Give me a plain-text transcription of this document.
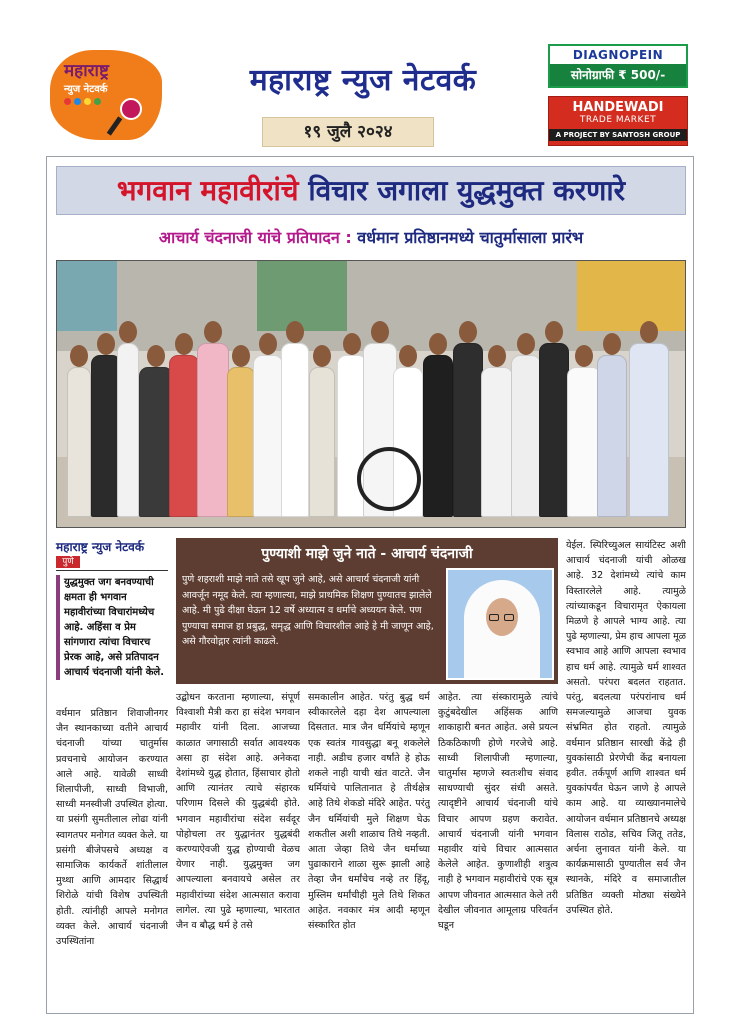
महाराष्ट्र
न्युज नेटवर्क	महाराष्ट्र न्युज नेटवर्क
१९ जुलै २०२४
DIAGNOPEIN
सोनोग्राफी ₹ 500/-
HANDEWADI
TRADE MARKET
A PROJECT BY SANTOSH GROUP
भगवान महावीरांचे विचार जगाला युद्धमुक्त करणारे
आचार्य चंदनाजी यांचे प्रतिपादन : वर्धमान प्रतिष्ठानमध्ये चातुर्मासाला प्रारंभ
महाराष्ट्र न्युज नेटवर्क
पुणे
युद्धमुक्त जग बनवण्याची क्षमता ही भगवान महावीरांच्या विचारांमध्येच आहे. अहिंसा व प्रेम सांगणारा त्यांचा विचारच प्रेरक आहे, असे प्रतिपादन आचार्य चंदनाजी यांनी केले.
वर्धमान प्रतिष्ठान शिवाजीनगर जैन स्थानकाच्या वतीने आचार्य चंदनाजी यांच्या चातुर्मास प्रवचनाचे आयोजन करण्यात आले आहे. यावेळी साध्वी शिलापीजी, साध्वी विभाजी, साध्वी मनस्वीजी उपस्थित होत्या. या प्रसंगी सुमतीलाल लोढा यांनी स्वागतपर मनोगत व्यक्त केले. या प्रसंगी बीजेपसचे अध्यक्ष व सामाजिक कार्यकर्ते शांतीलाल मुथ्था आणि आमदार सिद्धार्थ शिरोळे यांची विशेष उपस्थिती होती. त्यांनीही आपले मनोगत व्यक्त केले. आचार्य चंदनाजी उपस्थितांना
पुण्याशी माझे जुने नाते - आचार्य चंदनाजी
पुणे शहराशी माझे नाते तसे खूप जुने आहे, असे आचार्य चंदनाजी यांनी आवर्जून नमूद केले. त्या म्हणाल्या, माझे प्राथमिक शिक्षण पुण्यातच झालेले आहे. मी पुढे दीक्षा घेऊन 12 वर्षे अध्यात्म व धर्माचे अध्ययन केले. पण पुण्याचा समाज हा प्रबुद्ध, समृद्ध आणि विचारशील आहे हे मी जाणून आहे, असे गौरवोद्गार त्यांनी काढले.
उद्बोधन करताना म्हणाल्या, संपूर्ण विश्वाशी मैत्री करा हा संदेश भगवान महावीर यांनी दिला. आजच्या काळात जगासाठी सर्वात आवश्यक असा हा संदेश आहे. अनेकदा देशांमध्ये युद्ध होतात, हिंसाचार होतो आणि त्यानंतर त्याचे संहारक परिणाम दिसले की युद्धबंदी होते. भगवान महावीरांचा संदेश सर्वदूर पोहोचला तर युद्धानंतर युद्धबंदी करण्याऐवजी युद्ध होण्याची वेळच येणार नाही. युद्धमुक्त जग आपल्याला बनवायचे असेल तर महावीरांच्या संदेश आत्मसात करावा लागेल. त्या पुढे म्हणाल्या, भारतात जैन व बौद्ध धर्म हे तसे
समकालीन आहेत. परंतु बुद्ध धर्म स्वीकारलेले दहा देश आपल्याला दिसतात. मात्र जैन धर्मियांचे म्हणून एक स्वतंत्र गावसुद्धा बनू शकलेले नाही. अडीच हजार वर्षांते हे होऊ शकले नाही याची खंत वाटते. जैन धर्मियांचे पालितानात हे तीर्थक्षेत्र आहे तिथे शेकडो मंदिरे आहेत. परंतु जैन धर्मियांची मुले शिक्षण घेऊ शकतील अशी शाळाच तिथे नव्हती. आता जेव्हा तिथे जैन धर्माच्या पुढाकाराने शाळा सुरू झाली आहे तेव्हा जैन धर्मांचेच नव्हे तर हिंदू, मुस्लिम धर्मांचीही मुले तिथे शिकत आहेत. नवकार मंत्र आदी म्हणून संस्कारित होत
आहेत. त्या संस्कारामुळे त्यांचे कुटुंबदेखील अहिंसक आणि शाकाहारी बनत आहेत. असे प्रयत्न ठिकठिकाणी होणे गरजेचे आहे. साध्वी शिलापीजी म्हणाल्या, चातुर्मास म्हणजे स्वतःशीच संवाद साधण्याची सुंदर संधी असते. त्यादृष्टीने आचार्य चंदनाजी यांचे विचार आपण ग्रहण करावेत. आचार्य चंदनाजी यांनी भगवान महावीर यांचे विचार आत्मसात केलेले आहेत. कुणाशीही शत्रुत्व नाही हे भगवान महावीरांचे एक सूत्र आपण जीवनात आत्मसात केले तरी देखील जीवनात आमूलाग्र परिवर्तन घडून
येईल. स्पिरिच्युअल सायंटिस्ट अशी आचार्य चंदनाजी यांची ओळख आहे. 32 देशांमध्ये त्यांचे काम विस्तारलेले आहे. त्यामुळे त्यांच्याकडून विचारामृत ऐकायला मिळणे हे आपले भाग्य आहे. त्या पुढे म्हणाल्या, प्रेम हाच आपला मूळ स्वभाव आहे आणि आपला स्वभाव हाच धर्म आहे. त्यामुळे धर्म शाश्वत असतो. परंपरा बदलत राहतात. परंतु, बदलत्या परंपरांनाच धर्म समजल्यामुळे आजचा युवक संभ्रमित होत राहतो. त्यामुळे वर्धमान प्रतिष्ठान सारखी केंद्रे ही युवकांसाठी प्रेरणेची केंद्र बनायला हवीत. तर्कपूर्ण आणि शाश्वत धर्म युवकांपर्यंत घेऊन जाणे हे आपले काम आहे. या व्याख्यानमालेचे आयोजन वर्धमान प्रतिष्ठानचे अध्यक्ष विलास राठोड, सचिव जितू ततेड, अर्चना लुनावत यांनी केले. या कार्यक्रमासाठी पुण्यातील सर्व जैन स्थानके, मंदिरे व समाजातील प्रतिष्ठित व्यक्ती मोठ्या संख्येने उपस्थित होते.
